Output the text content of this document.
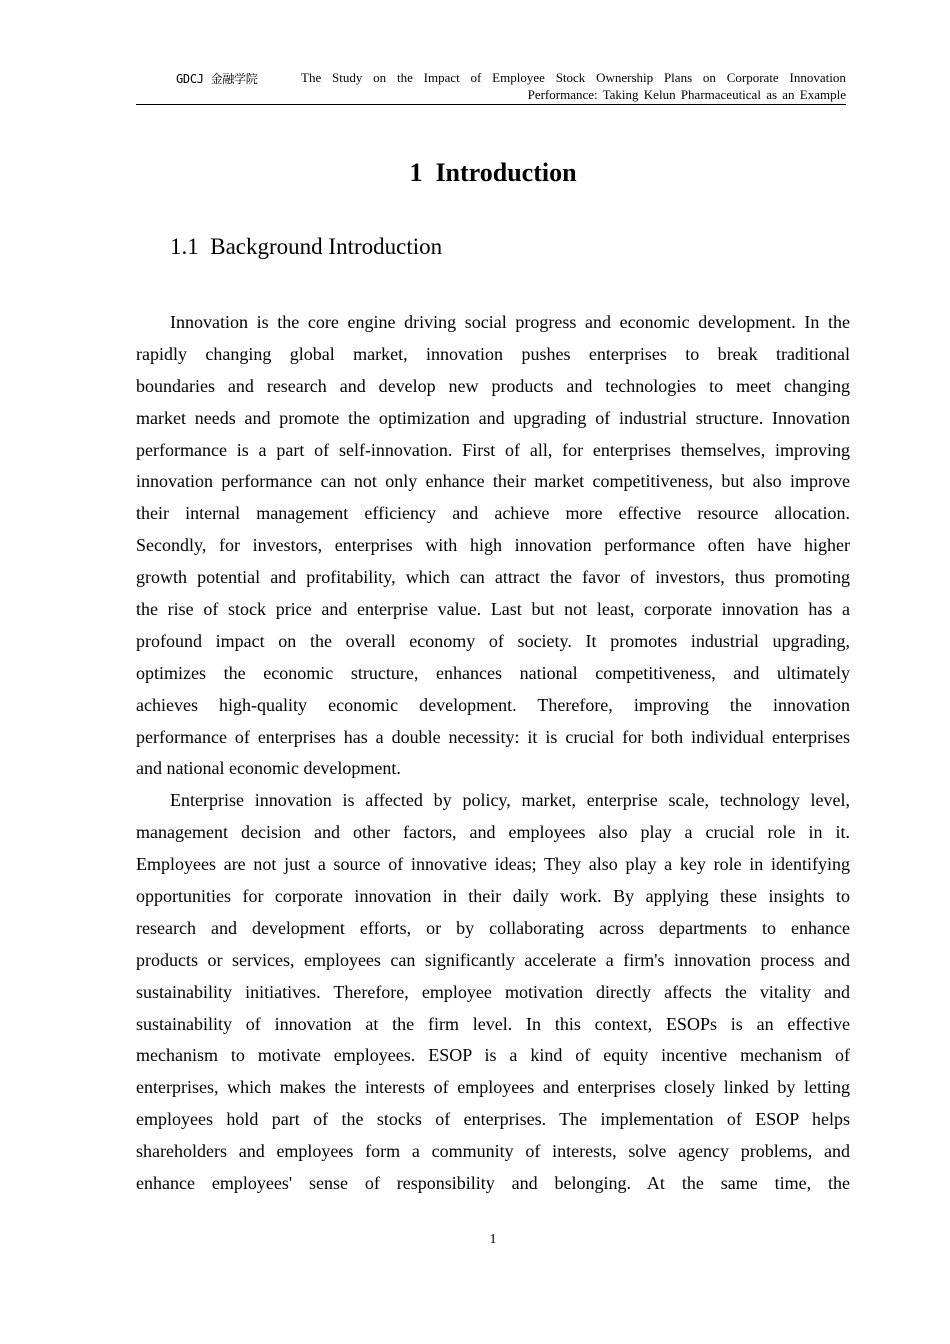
GDCJ 金融学院	The Study on the Impact of Employee Stock Ownership Plans on Corporate Innovation
Performance: Taking Kelun Pharmaceutical as an Example
1  Introduction
1.1  Background Introduction
Innovation is the core engine driving social progress and economic development. In the
rapidly changing global market, innovation pushes enterprises to break traditional
boundaries and research and develop new products and technologies to meet changing
market needs and promote the optimization and upgrading of industrial structure. Innovation
performance is a part of self-innovation. First of all, for enterprises themselves, improving
innovation performance can not only enhance their market competitiveness, but also improve
their internal management efficiency and achieve more effective resource allocation.
Secondly, for investors, enterprises with high innovation performance often have higher
growth potential and profitability, which can attract the favor of investors, thus promoting
the rise of stock price and enterprise value. Last but not least, corporate innovation has a
profound impact on the overall economy of society. It promotes industrial upgrading,
optimizes the economic structure, enhances national competitiveness, and ultimately
achieves high-quality economic development. Therefore, improving the innovation
performance of enterprises has a double necessity: it is crucial for both individual enterprises
and national economic development.
Enterprise innovation is affected by policy, market, enterprise scale, technology level,
management decision and other factors, and employees also play a crucial role in it.
Employees are not just a source of innovative ideas; They also play a key role in identifying
opportunities for corporate innovation in their daily work. By applying these insights to
research and development efforts, or by collaborating across departments to enhance
products or services, employees can significantly accelerate a firm's innovation process and
sustainability initiatives. Therefore, employee motivation directly affects the vitality and
sustainability of innovation at the firm level. In this context, ESOPs is an effective
mechanism to motivate employees. ESOP is a kind of equity incentive mechanism of
enterprises, which makes the interests of employees and enterprises closely linked by letting
employees hold part of the stocks of enterprises. The implementation of ESOP helps
shareholders and employees form a community of interests, solve agency problems, and
enhance employees' sense of responsibility and belonging. At the same time, the
1
